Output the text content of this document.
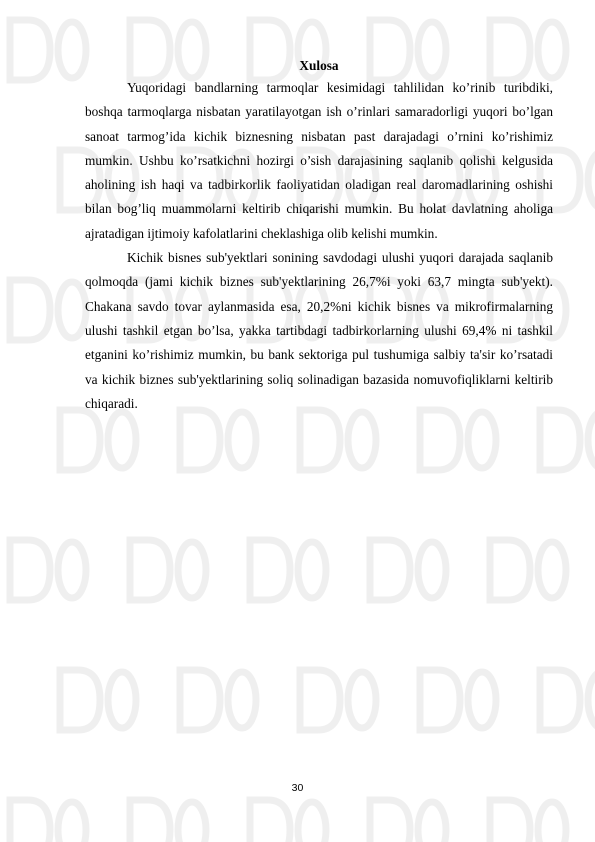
Xulosa

Yuqoridagi bandlarning tarmoqlar kesimidagi tahlilidan ko’rinib turibdiki, boshqa tarmoqlarga nisbatan yaratilayotgan ish o’rinlari samaradorligi yuqori bo’lgan sanoat tarmog’ida kichik biznesning nisbatan past darajadagi o’rnini ko’rishimiz mumkin. Ushbu ko’rsatkichni hozirgi o’sish darajasining saqlanib qolishi kelgusida aholining ish haqi va tadbirkorlik faoliyatidan oladigan real daromadlarining oshishi bilan bog’liq muammolarni keltirib chiqarishi mumkin. Bu holat davlatning aholiga ajratadigan ijtimoiy kafolatlarini cheklashiga olib kelishi mumkin.

Kichik bisnes sub'yektlari sonining savdodagi ulushi yuqori darajada saqlanib qolmoqda (jami kichik biznes sub'yektlarining 26,7%i yoki 63,7 mingta sub'yekt). Chakana savdo tovar aylanmasida esa, 20,2%ni kichik bisnes va mikrofirmalarning ulushi tashkil etgan bo’lsa, yakka tartibdagi tadbirkorlarning ulushi 69,4% ni tashkil etganini ko’rishimiz mumkin, bu bank sektoriga pul tushumiga salbiy ta'sir ko’rsatadi va kichik biznes sub'yektlarining soliq solinadigan bazasida nomuvofiqliklarni keltirib chiqaradi.

30
